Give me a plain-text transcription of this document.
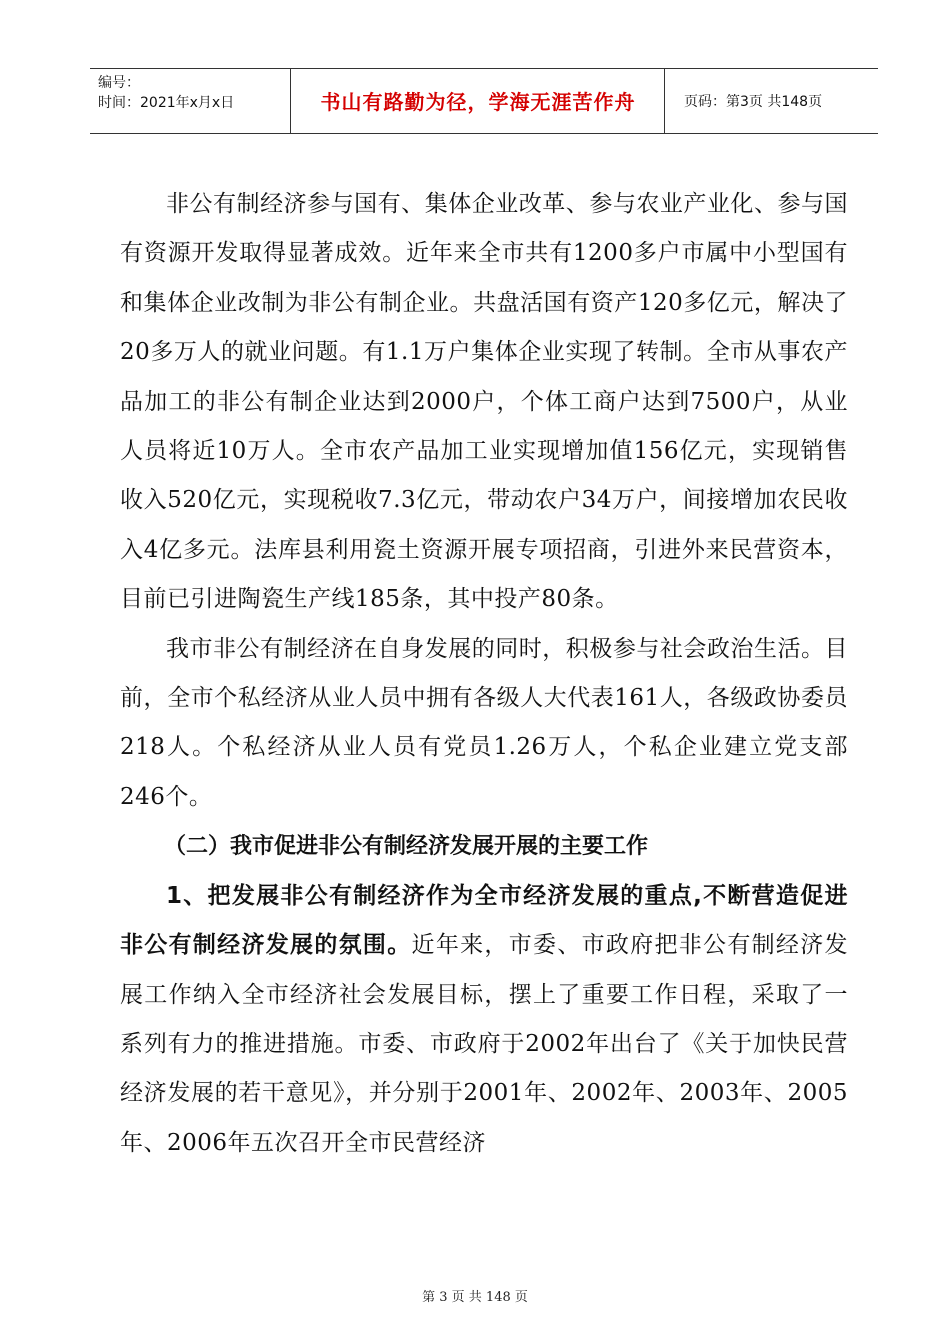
编号：
时间：2021年x月x日	书山有路勤为径，学海无涯苦作舟	页码：第3页 共148页

非公有制经济参与国有、集体企业改革、参与农业产业化、参与国有资源开发取得显著成效。近年来全市共有1200多户市属中小型国有和集体企业改制为非公有制企业。共盘活国有资产120多亿元，解决了20多万人的就业问题。有1.1万户集体企业实现了转制。全市从事农产品加工的非公有制企业达到2000户，个体工商户达到7500户，从业人员将近10万人。全市农产品加工业实现增加值156亿元，实现销售收入520亿元，实现税收7.3亿元，带动农户34万户，间接增加农民收入4亿多元。法库县利用瓷土资源开展专项招商，引进外来民营资本，目前已引进陶瓷生产线185条，其中投产80条。

我市非公有制经济在自身发展的同时，积极参与社会政治生活。目前，全市个私经济从业人员中拥有各级人大代表161人，各级政协委员218人。个私经济从业人员有党员1.26万人，个私企业建立党支部246个。

（二）我市促进非公有制经济发展开展的主要工作

1、把发展非公有制经济作为全市经济发展的重点,不断营造促进非公有制经济发展的氛围。近年来，市委、市政府把非公有制经济发展工作纳入全市经济社会发展目标，摆上了重要工作日程，采取了一系列有力的推进措施。市委、市政府于2002年出台了《关于加快民营经济发展的若干意见》，并分别于2001年、2002年、2003年、2005年、2006年五次召开全市民营经济

第 3 页 共 148 页
